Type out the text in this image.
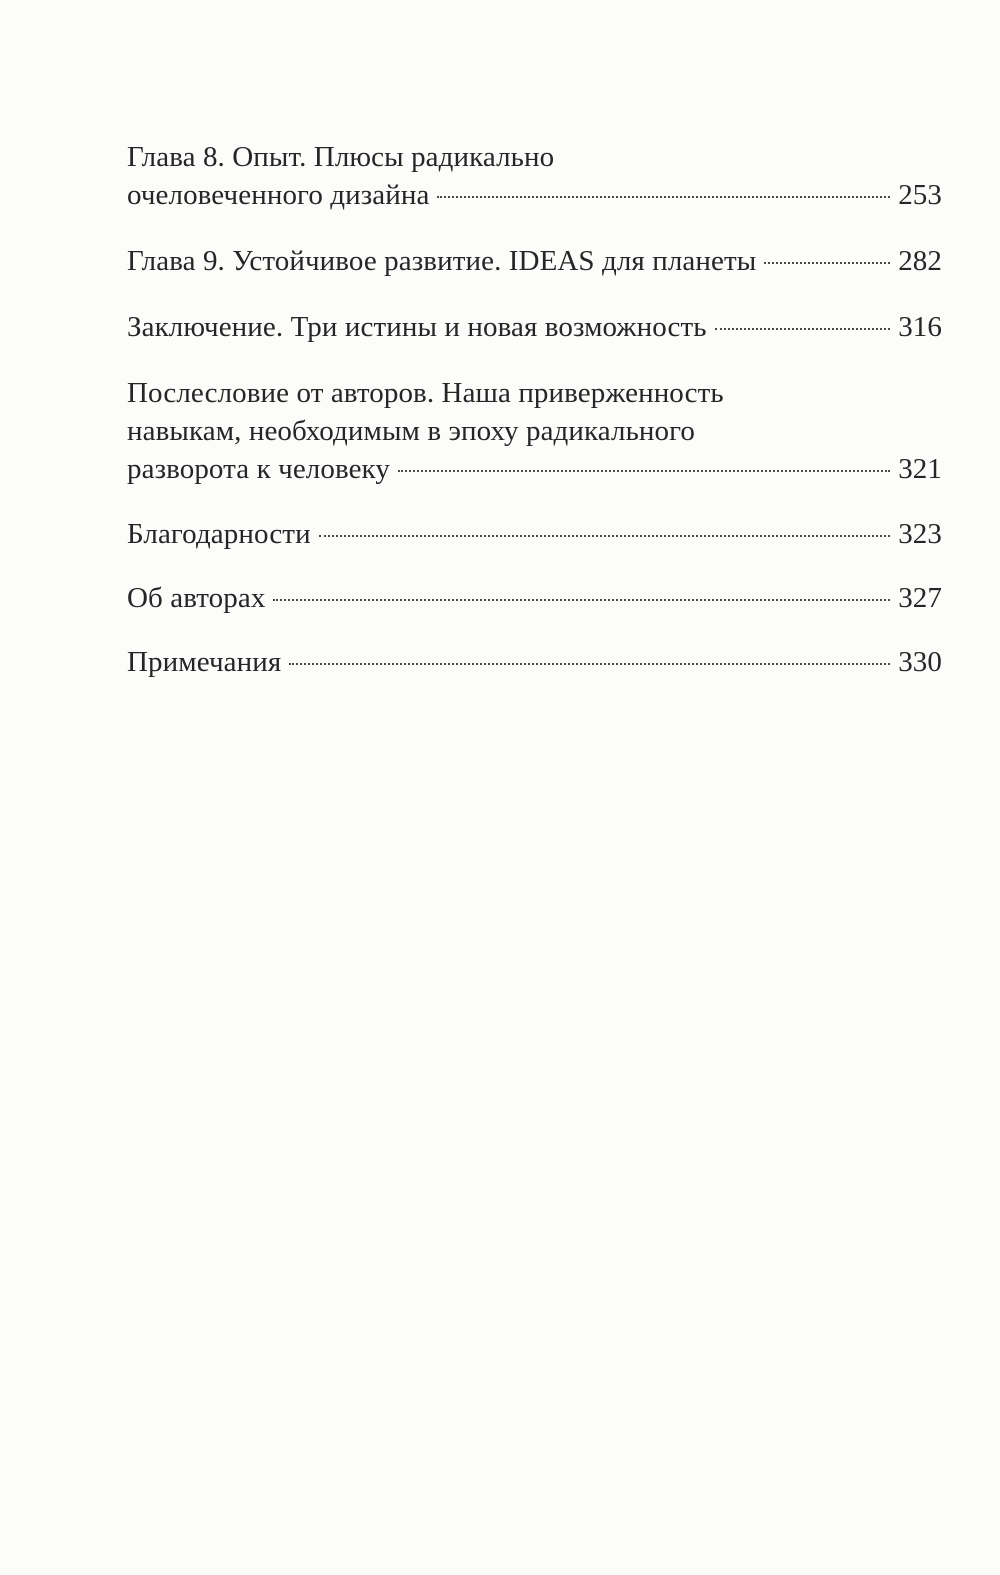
Глава 8. Опыт. Плюсы радикально
очеловеченного дизайна	253
Глава 9. Устойчивое развитие. IDEAS для планеты	282
Заключение. Три истины и новая возможность	316
Послесловие от авторов. Наша приверженность
навыкам, необходимым в эпоху радикального
разворота к человеку	321
Благодарности	323
Об авторах	327
Примечания	330
